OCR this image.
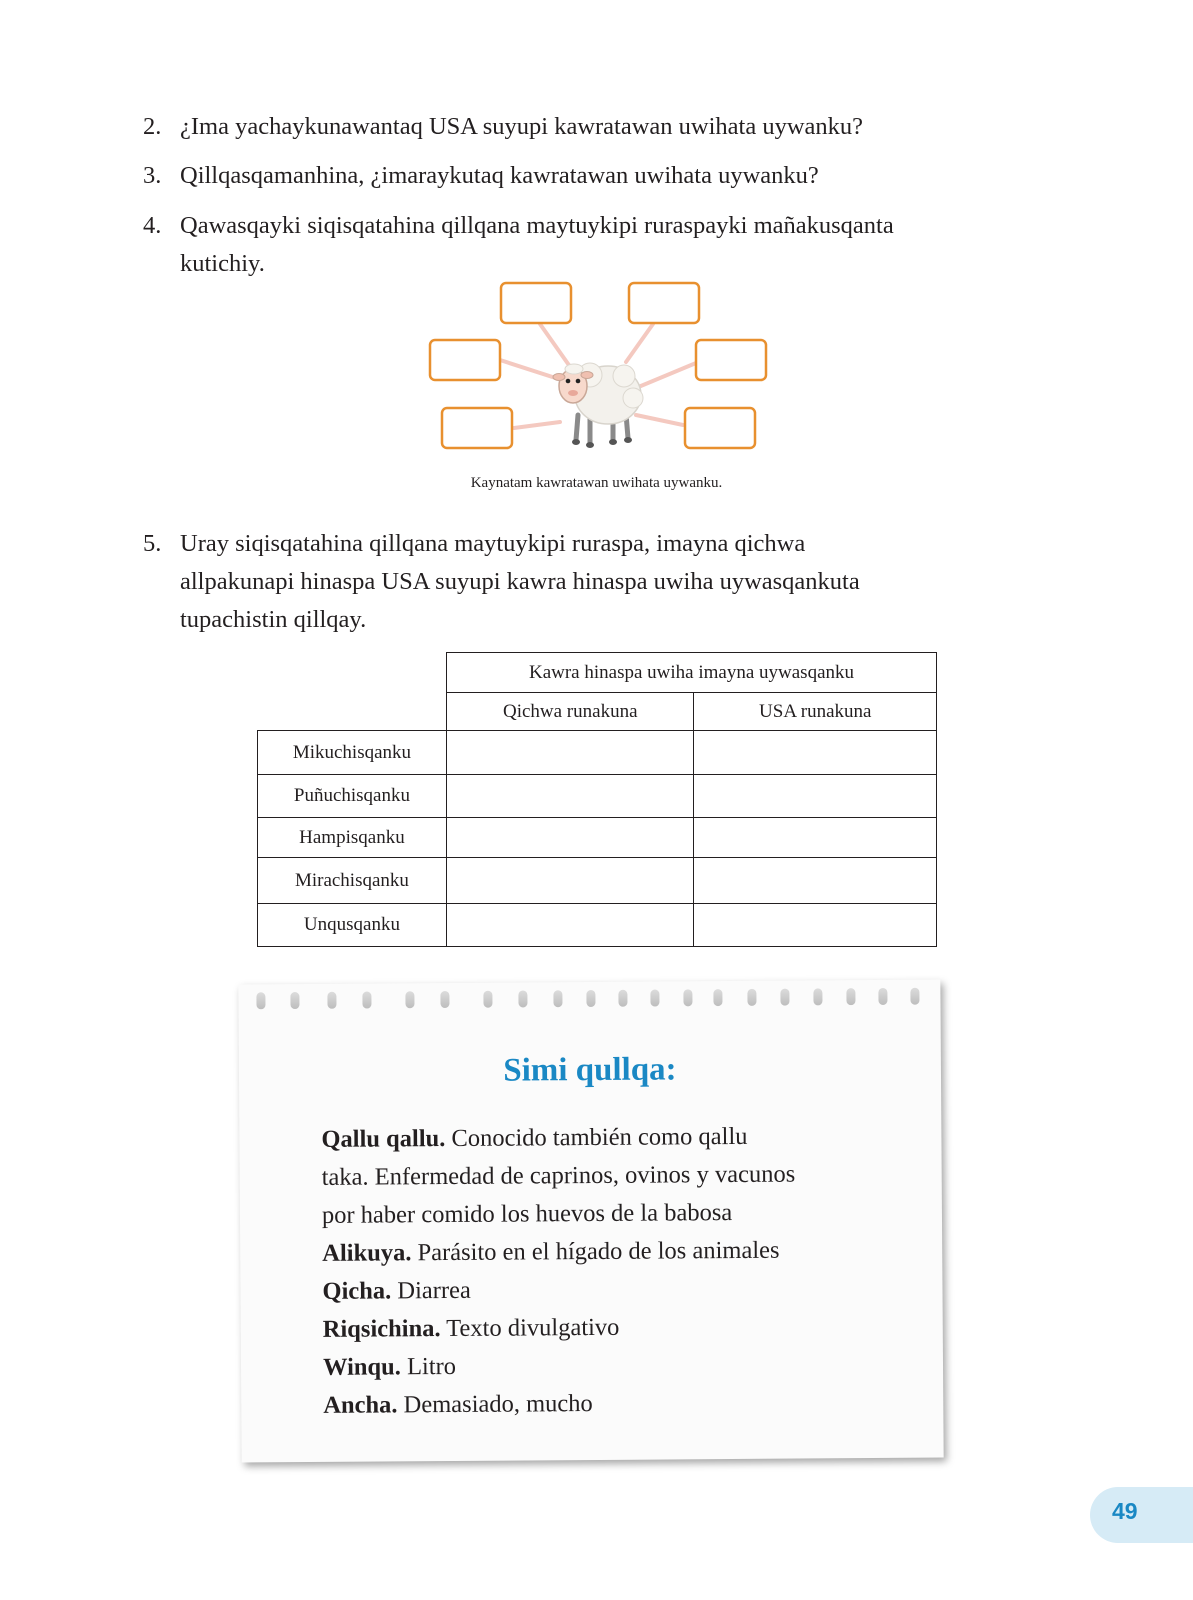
2. ¿Ima yachaykunawantaq USA suyupi kawratawan uwihata uywanku?
3. Qillqasqamanhina, ¿imaraykutaq kawratawan uwihata uywanku?
4. Qawasqayki siqisqatahina qillqana maytuykipi ruraspayki mañakusqanta
kutichiy.
Kaynatam kawratawan uwihata uywanku.
5. Uray siqisqatahina qillqana maytuykipi ruraspa, imayna qichwa
allpakunapi hinaspa USA suyupi kawra hinaspa uwiha uywasqankuta
tupachistin qillqay.
Kawra hinaspa uwiha imayna uywasqanku
Qichwa runakuna	USA runakuna
Mikuchisqanku		
Puñuchisqanku		
Hampisqanku		
Mirachisqanku		
Unqusqanku		
Simi qullqa:
Qallu qallu. Conocido también como qallu
taka. Enfermedad de caprinos, ovinos y vacunos
por haber comido los huevos de la babosa
Alikuya. Parásito en el hígado de los animales
Qicha. Diarrea
Riqsichina. Texto divulgativo
Winqu. Litro
Ancha. Demasiado, mucho
49
